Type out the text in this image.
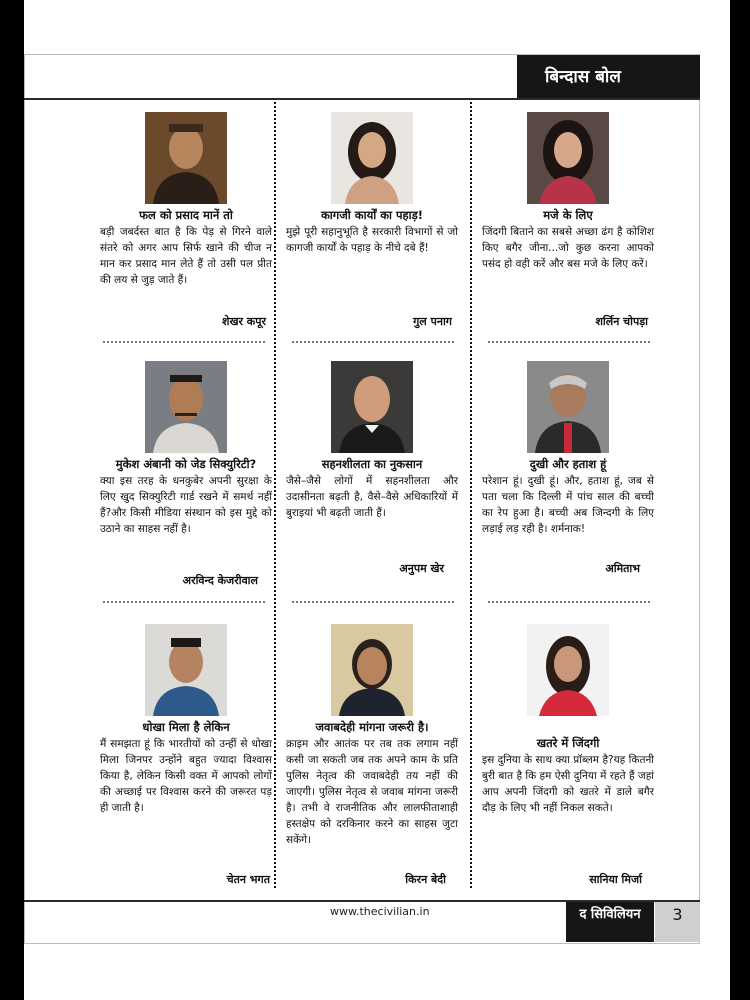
बिन्दास बोल
फल को प्रसाद मानें तो
बड़ी जबर्दस्त बात है कि पेड़ से गिरने वाले संतरे को अगर आप सिर्फ खाने की चीज न मान कर प्रसाद मान लेते हैं तो उसी पल प्रीत की लय से जुड़ जाते हैं।
शेखर कपूर
कागजी कार्यों का पहाड़!
मुझे पूरी सहानुभूति है सरकारी विभागों से जो कागजी कार्यों के पहाड़ के नीचे दबे हैं!
गुल पनाग
मजे के लिए
जिंदगी बिताने का सबसे अच्छा ढंग है कोशिश किए बगैर जीना...जो कुछ करना आपको पसंद हो वही करें और बस मजे के लिए करें।
शर्लिन चोपड़ा
मुकेश अंबानी को जेड सिक्युरिटी?
क्या इस तरह के धनकुबेर अपनी सुरक्षा के लिए खुद सिक्युरिटी गार्ड रखने में समर्थ नहीं हैं?और किसी मीडिया संस्थान को इस मुद्दे को उठाने का साहस नहीं है।
अरविन्द केजरीवाल
सहनशीलता का नुकसान
जैसे–जैसे लोगों में सहनशीलता और उदासीनता बढ़ती है, वैसे–वैसे अधिकारियों में बुराइयां भी बढ़ती जाती हैं।
अनुपम खेर
दुखी और हताश हूं
परेशान हूं। दुखी हूं। और, हताश हूं, जब से पता चला कि दिल्ली में पांच साल की बच्ची का रेप हुआ है। बच्ची अब जिन्दगी के लिए लड़ाई लड़ रही है। शर्मनाक!
अमिताभ
धोखा मिला है लेकिन
मैं समझता हूं कि भारतीयों को उन्हीं से धोखा मिला जिनपर उन्होंने बहुत ज्यादा विश्वास किया है, लेकिन किसी वक्त में आपको लोगों की अच्छाई पर विश्वास करने की जरूरत पड़ ही जाती है।
चेतन भगत
जवाबदेही मांगना जरूरी है।
क्राइम और आतंक पर तब तक लगाम नहीं कसी जा सकती जब तक अपने काम के प्रति पुलिस नेतृत्व की जवाबदेही तय नहीं की जाएगी। पुलिस नेतृत्व से जवाब मांगना जरूरी है। तभी वे राजनीतिक और लालफीताशाही हस्तक्षेप को दरकिनार करने का साहस जुटा सकेंगे।
किरन बेदी
खतरे में जिंदगी
इस दुनिया के साथ क्या प्रॉब्लम है?यह कितनी बुरी बात है कि हम ऐसी दुनिया में रहते हैं जहां आप अपनी जिंदगी को खतरे में डाले बगैर दौड़ के लिए भी नहीं निकल सकते।
सानिया मिर्जा
www.thecivilian.in	द सिविलियन	3
